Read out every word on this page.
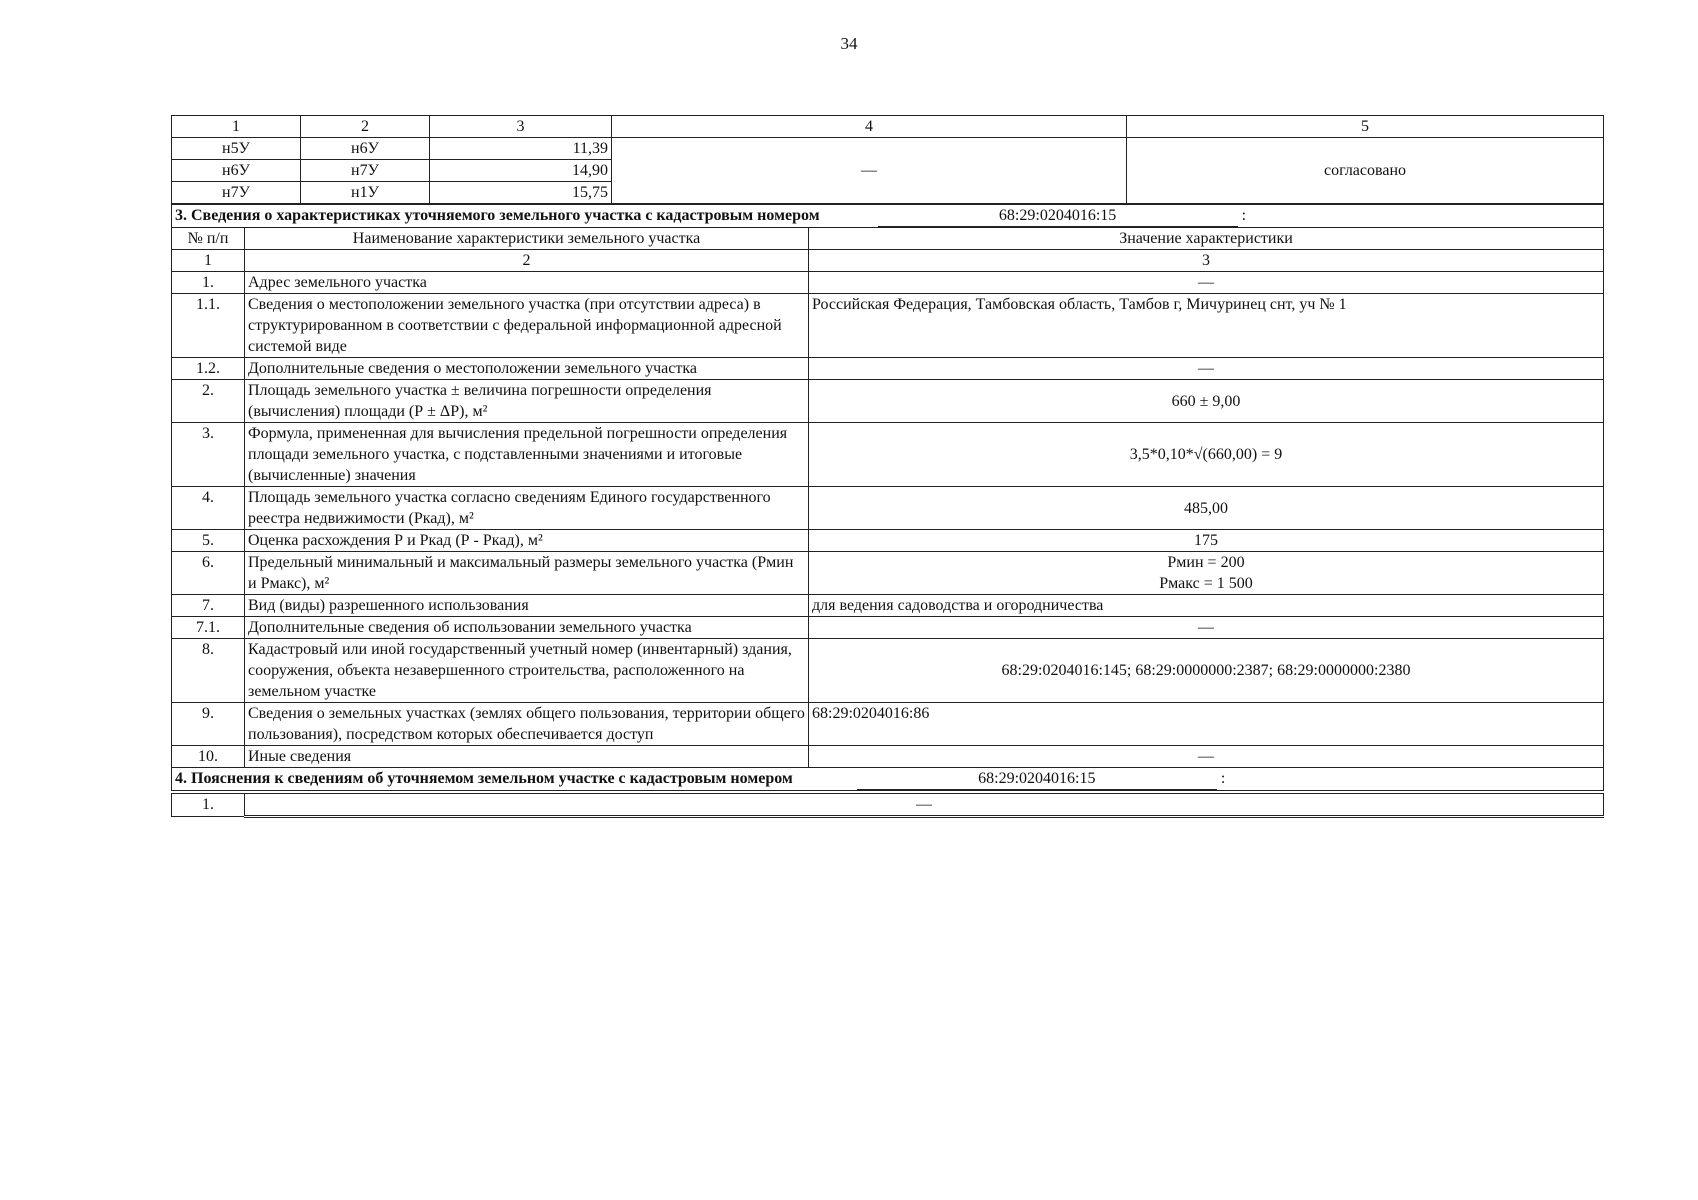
34
1	2	3	4	5
н5У	н6У	11,39	—	согласовано
н6У	н7У	14,90		
н7У	н1У	15,75		
3. Сведения о характеристиках уточняемого земельного участка с кадастровым номером 68:29:0204016:15 :		
№ п/п	Наименование характеристики земельного участка	Значение характеристики
1	2	3
1.	Адрес земельного участка	—
1.1.	Сведения о местоположении земельного участка (при отсутствии адреса) в структурированном в соответствии с федеральной информационной адресной системой виде	Российская Федерация, Тамбовская область, Тамбов г, Мичуринец снт, уч № 1
1.2.	Дополнительные сведения о местоположении земельного участка	—
2.	Площадь земельного участка ± величина погрешности определения (вычисления) площади (Р ± ΔР), м²	660 ± 9,00
3.	Формула, примененная для вычисления предельной погрешности определения площади земельного участка, с подставленными значениями и итоговые (вычисленные) значения	3,5*0,10*√(660,00) = 9
4.	Площадь земельного участка согласно сведениям Единого государственного реестра недвижимости (Ркад), м²	485,00
5.	Оценка расхождения Р и Ркад (Р - Ркад), м²	175
6.	Предельный минимальный и максимальный размеры земельного участка (Рмин и Рмакс), м²	Рмин = 200
Рмакс = 1 500

7.	Вид (виды) разрешенного использования	для ведения садоводства и огородничества
7.1.	Дополнительные сведения об использовании земельного участка	—
8.	Кадастровый или иной государственный учетный номер (инвентарный) здания, сооружения, объекта незавершенного строительства, расположенного на земельном участке	68:29:0204016:145; 68:29:0000000:2387; 68:29:0000000:2380
9.	Сведения о земельных участках (землях общего пользования, территории общего пользования), посредством которых обеспечивается доступ	68:29:0204016:86
10.	Иные сведения	—
4. Пояснения к сведениям об уточняемом земельном участке с кадастровым номером 68:29:0204016:15 :		

1.	—	
